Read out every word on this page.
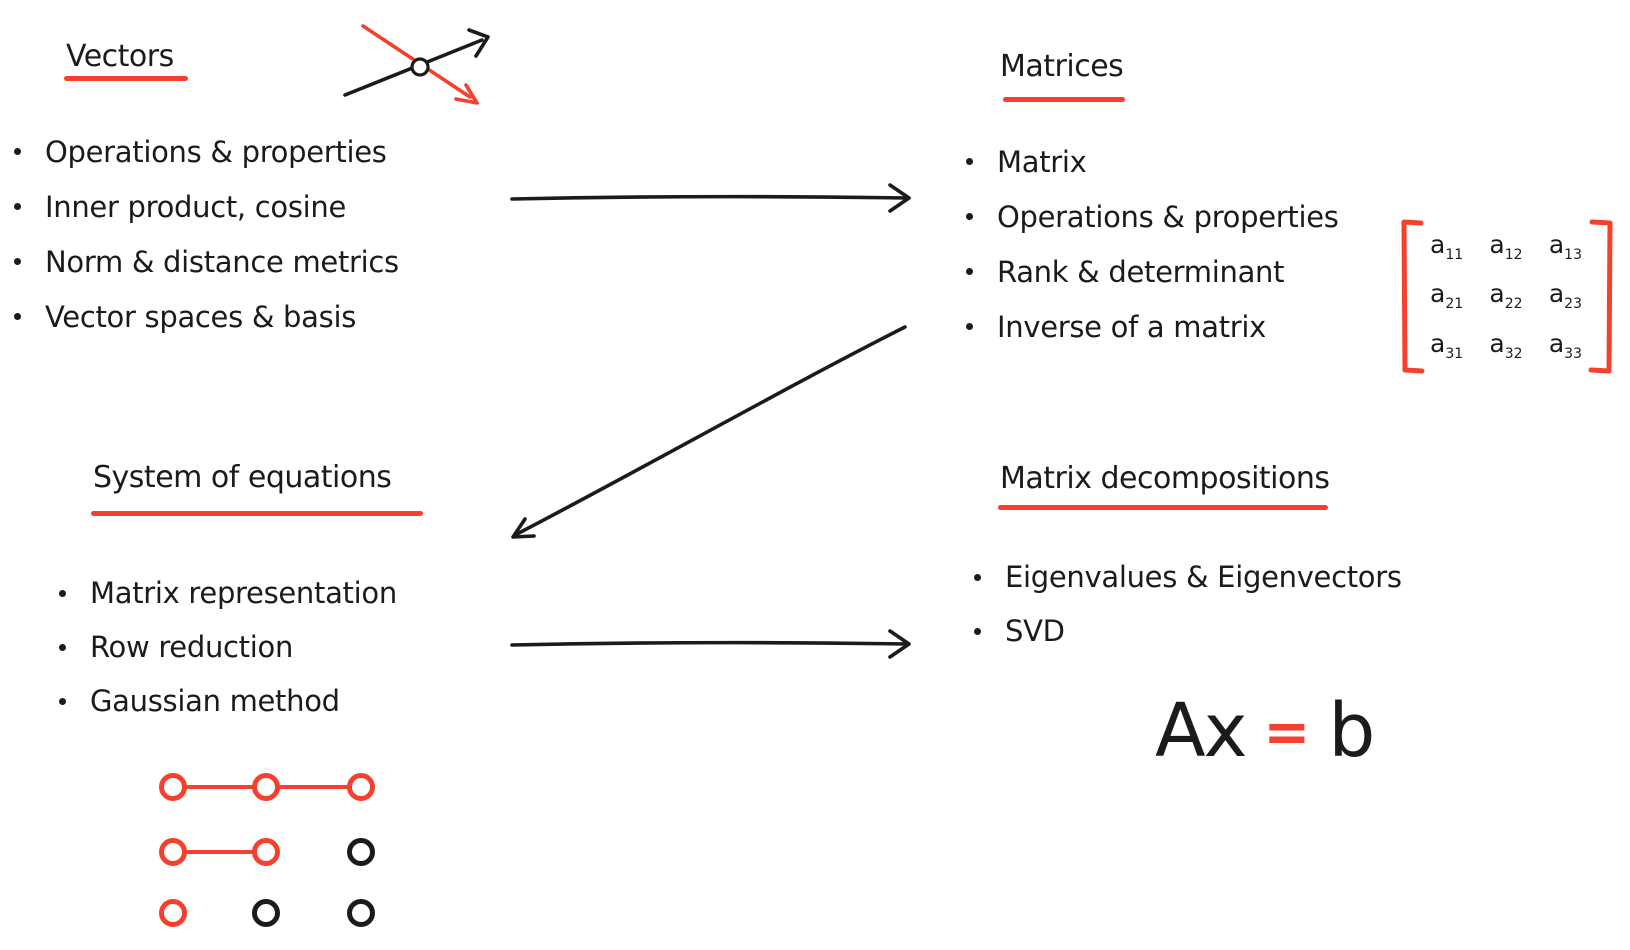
Vectors
Operations & properties
Inner product, cosine
Norm & distance metrics
Vector spaces & basis
Matrices
Matrix
Operations & properties
Rank & determinant
Inverse of a matrix
$a_{11}$ $a_{12}$ $a_{13}$
$a_{21}$ $a_{22}$ $a_{23}$
$a_{31}$ $a_{32}$ $a_{33}$
System of equations
Matrix representation
Row reduction
Gaussian method
Matrix decompositions
Eigenvalues & Eigenvectors
SVD
Ax = b
